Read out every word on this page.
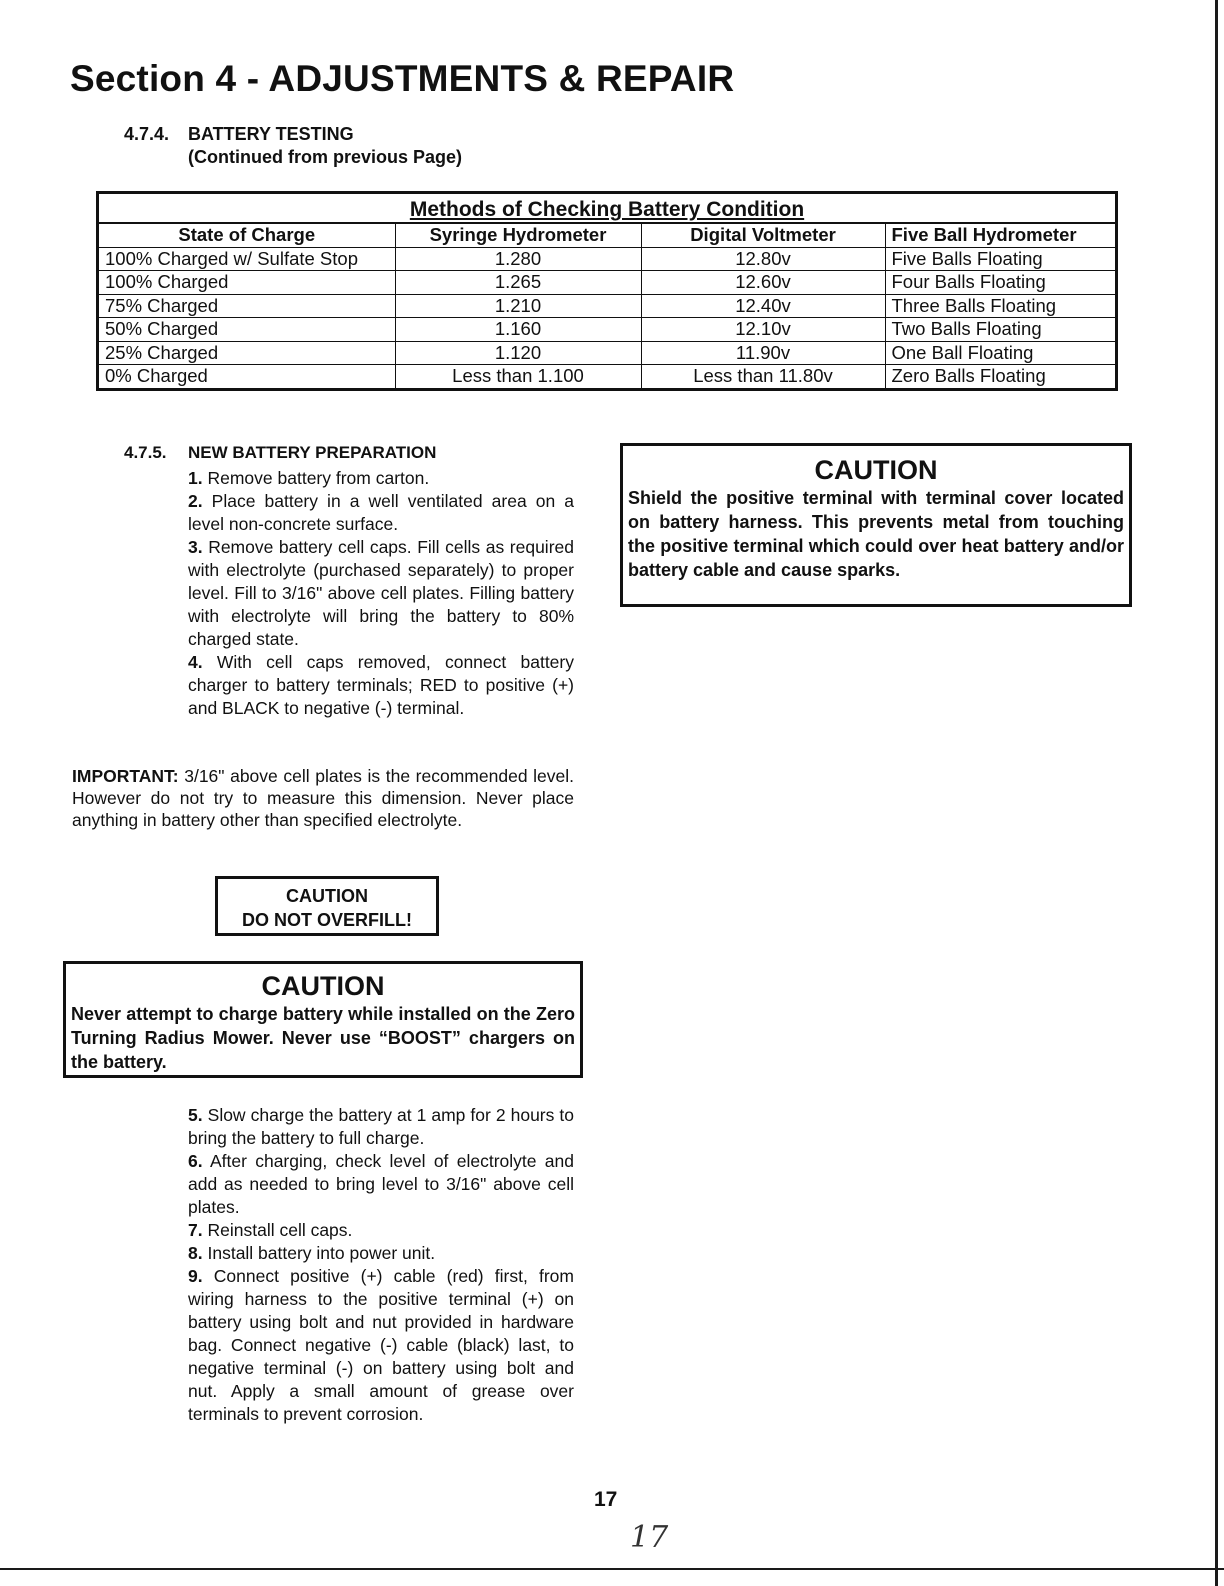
Section 4 - ADJUSTMENTS & REPAIR
4.7.4. BATTERY TESTING
(Continued from previous Page)
Methods of Checking Battery Condition
State of Charge	Syringe Hydrometer	Digital Voltmeter	Five Ball Hydrometer
100% Charged w/ Sulfate Stop	1.280	12.80v	Five Balls Floating
100% Charged	1.265	12.60v	Four Balls Floating
75% Charged	1.210	12.40v	Three Balls Floating
50% Charged	1.160	12.10v	Two Balls Floating
25% Charged	1.120	11.90v	One Ball Floating
0% Charged	Less than 1.100	Less than 11.80v	Zero Balls Floating
4.7.5. NEW BATTERY PREPARATION

1. Remove battery from carton.

2. Place battery in a well ventilated area on a level non-concrete surface.

3. Remove battery cell caps. Fill cells as required with electrolyte (purchased separately) to proper level. Fill to 3/16" above cell plates. Filling battery with electrolyte will bring the battery to 80% charged state.

4. With cell caps removed, connect battery charger to battery terminals; RED to positive (+) and BLACK to negative (-) terminal.

IMPORTANT: 3/16" above cell plates is the recommended level. However do not try to measure this dimension. Never place anything in battery other than specified electrolyte.

CAUTION
DO NOT OVERFILL!
CAUTION
Never attempt to charge battery while installed on the Zero Turning Radius Mower. Never use “BOOST” chargers on the battery.
CAUTION
Shield the positive terminal with terminal cover located on battery harness. This prevents metal from touching the positive terminal which could over heat battery and/or battery cable and cause sparks.

5. Slow charge the battery at 1 amp for 2 hours to bring the battery to full charge.

6. After charging, check level of electrolyte and add as needed to bring level to 3/16" above cell plates.

7. Reinstall cell caps.

8. Install battery into power unit.

9. Connect positive (+) cable (red) first, from wiring harness to the positive terminal (+) on battery using bolt and nut provided in hardware bag. Connect negative (-) cable (black) last, to negative terminal (-) on battery using bolt and nut. Apply a small amount of grease over terminals to prevent corrosion.

17
17
